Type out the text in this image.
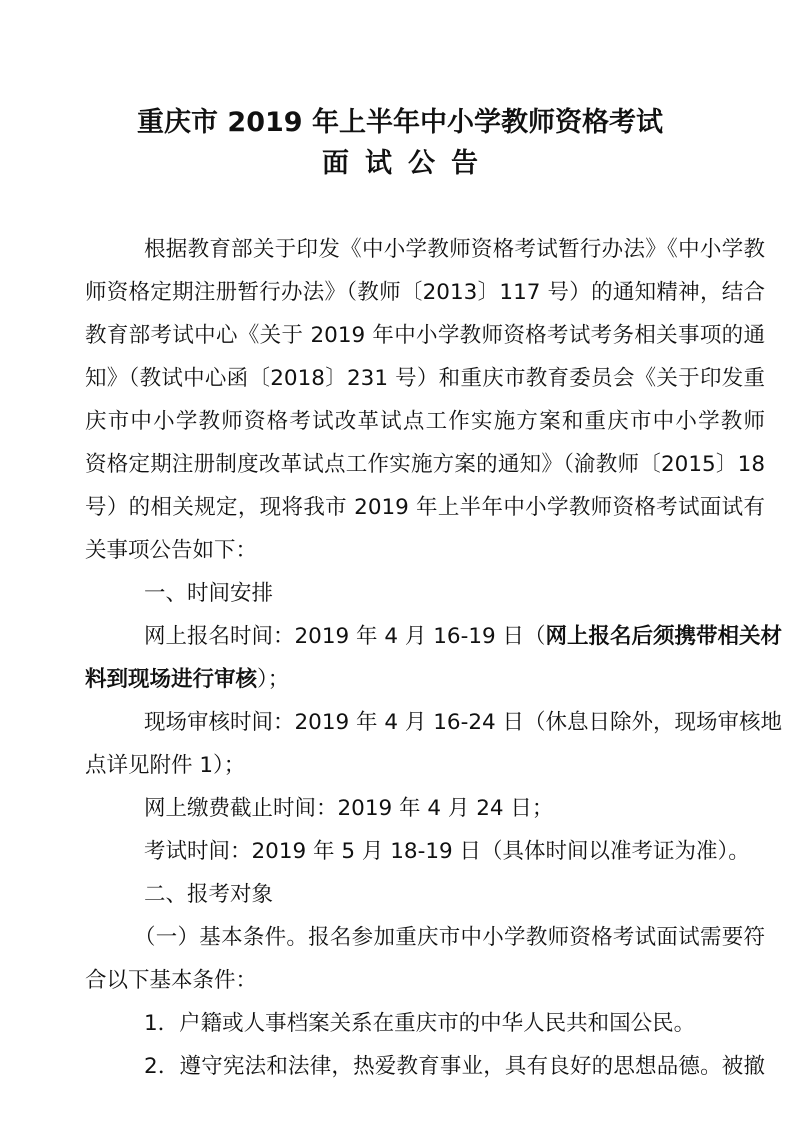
重庆市 2019 年上半年中小学教师资格考试
面试公告
根据教育部关于印发《中小学教师资格考试暂行办法》《中小学教
师资格定期注册暂行办法》（教师〔2013〕117 号）的通知精神，结合
教育部考试中心《关于 2019 年中小学教师资格考试考务相关事项的通
知》（教试中心函〔2018〕231 号）和重庆市教育委员会《关于印发重
庆市中小学教师资格考试改革试点工作实施方案和重庆市中小学教师
资格定期注册制度改革试点工作实施方案的通知》（渝教师〔2015〕18
号）的相关规定，现将我市 2019 年上半年中小学教师资格考试面试有
关事项公告如下：
一、时间安排
网上报名时间：2019 年 4 月 16-19 日（网上报名后须携带相关材
料到现场进行审核）；
现场审核时间：2019 年 4 月 16-24 日（休息日除外，现场审核地
点详见附件 1）；
网上缴费截止时间：2019 年 4 月 24 日；
考试时间：2019 年 5 月 18-19 日（具体时间以准考证为准）。
二、报考对象
（一）基本条件。报名参加重庆市中小学教师资格考试面试需要符
合以下基本条件：
1．户籍或人事档案关系在重庆市的中华人民共和国公民。
2．遵守宪法和法律，热爱教育事业，具有良好的思想品德。被撤
